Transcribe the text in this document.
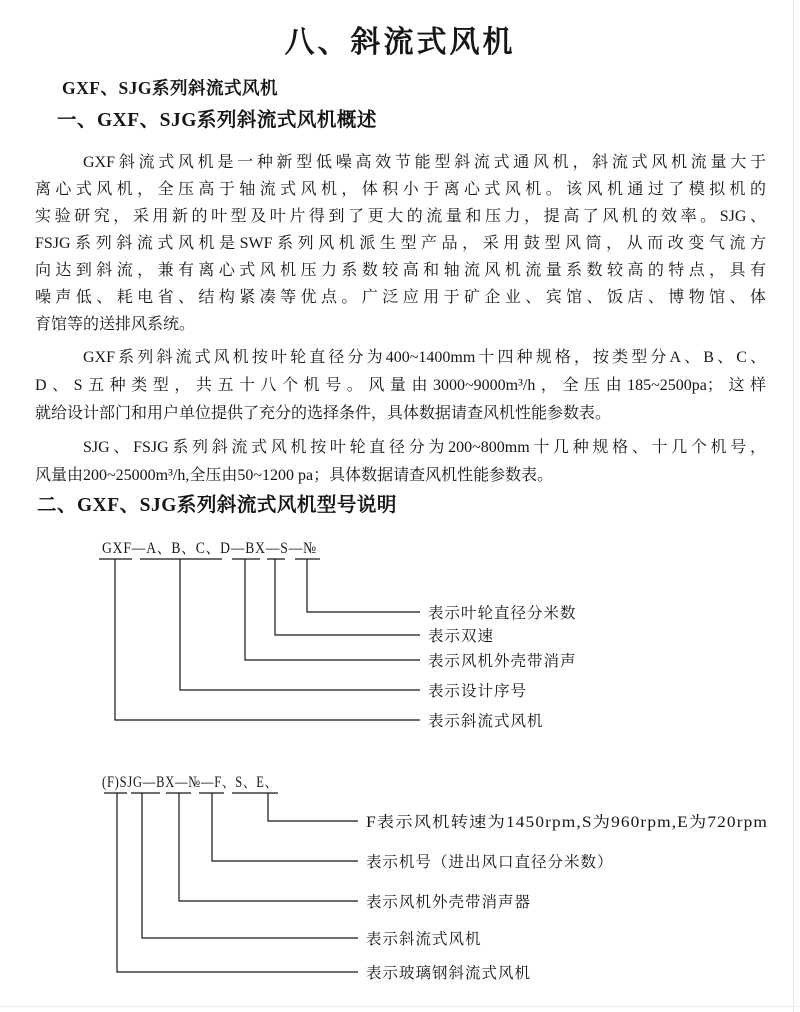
八、斜流式风机
GXF、SJG系列斜流式风机
一、GXF、SJG系列斜流式风机概述
GXF斜流式风机是一种新型低噪高效节能型斜流式通风机，斜流式风机流量大于
离心式风机，全压高于轴流式风机，体积小于离心式风机。该风机通过了模拟机的
实验研究，采用新的叶型及叶片得到了更大的流量和压力，提高了风机的效率。SJG、
FSJG系列斜流式风机是SWF系列风机派生型产品，采用鼓型风筒，从而改变气流方
向达到斜流，兼有离心式风机压力系数较高和轴流风机流量系数较高的特点，具有
噪声低、耗电省、结构紧凑等优点。广泛应用于矿企业、宾馆、饭店、博物馆、体
育馆等的送排风系统。
GXF系列斜流式风机按叶轮直径分为400~1400mm十四种规格，按类型分A、B、C、
D、S五种类型，共五十八个机号。风量由3000~9000m³/h，全压由185~2500pa；这样
就给设计部门和用户单位提供了充分的选择条件，具体数据请查风机性能参数表。
SJG、FSJG系列斜流式风机按叶轮直径分为200~800mm十几种规格、十几个机号，
风量由200~25000m³/h,全压由50~1200 pa；具体数据请查风机性能参数表。
二、GXF、SJG系列斜流式风机型号说明
GXF—A、B、C、D—BX—S—№
表示叶轮直径分米数
表示双速
表示风机外壳带消声
表示设计序号
表示斜流式风机
(F)SJG—BX—№—F、S、E、
F表示风机转速为1450rpm,S为960rpm,E为720rpm
表示机号（进出风口直径分米数）
表示风机外壳带消声器
表示斜流式风机
表示玻璃钢斜流式风机
